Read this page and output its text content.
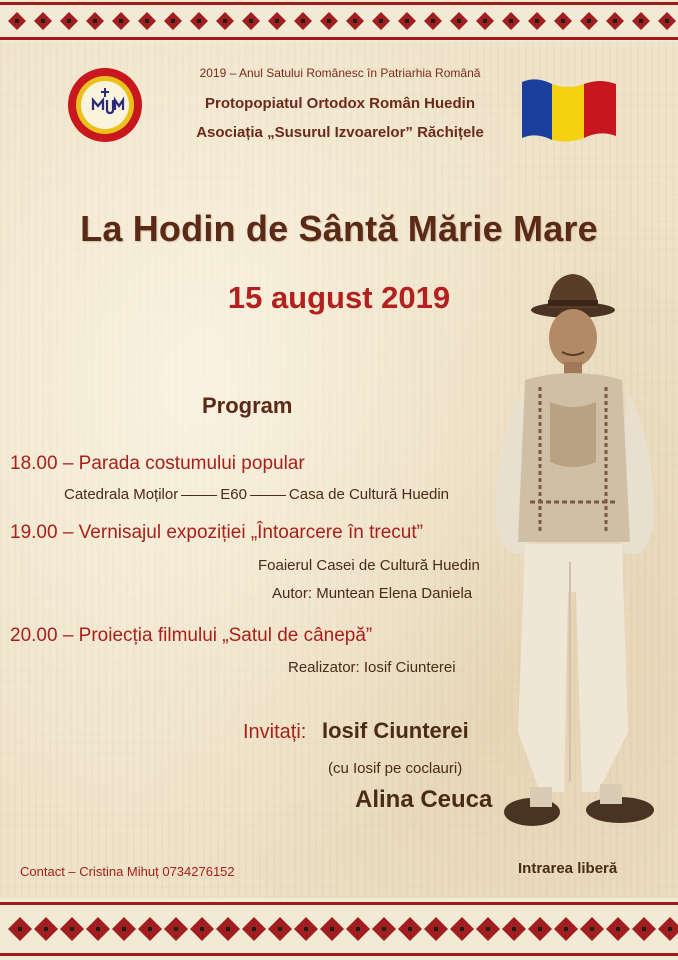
2019 – Anul Satului Românesc în Patriarhia Română
Protopopiatul Ortodox Român Huedin
Asociația „Susurul Izvoarelor” Răchițele
La Hodin de Sântă Mărie Mare
15 august 2019
Program
18.00 – Parada costumului popular
Catedrala Moților	E60	Casa de Cultură Huedin
19.00 – Vernisajul expoziției „Întoarcere în trecut”
Foaierul Casei de Cultură Huedin
Autor: Muntean Elena Daniela
20.00 – Proiecția filmului „Satul de cânepă”
Realizator: Iosif Ciunterei
Invitați: Iosif Ciunterei
(cu Iosif pe coclauri)
Alina Ceuca
Contact – Cristina Mihuț 0734276152	Intrarea liberă
